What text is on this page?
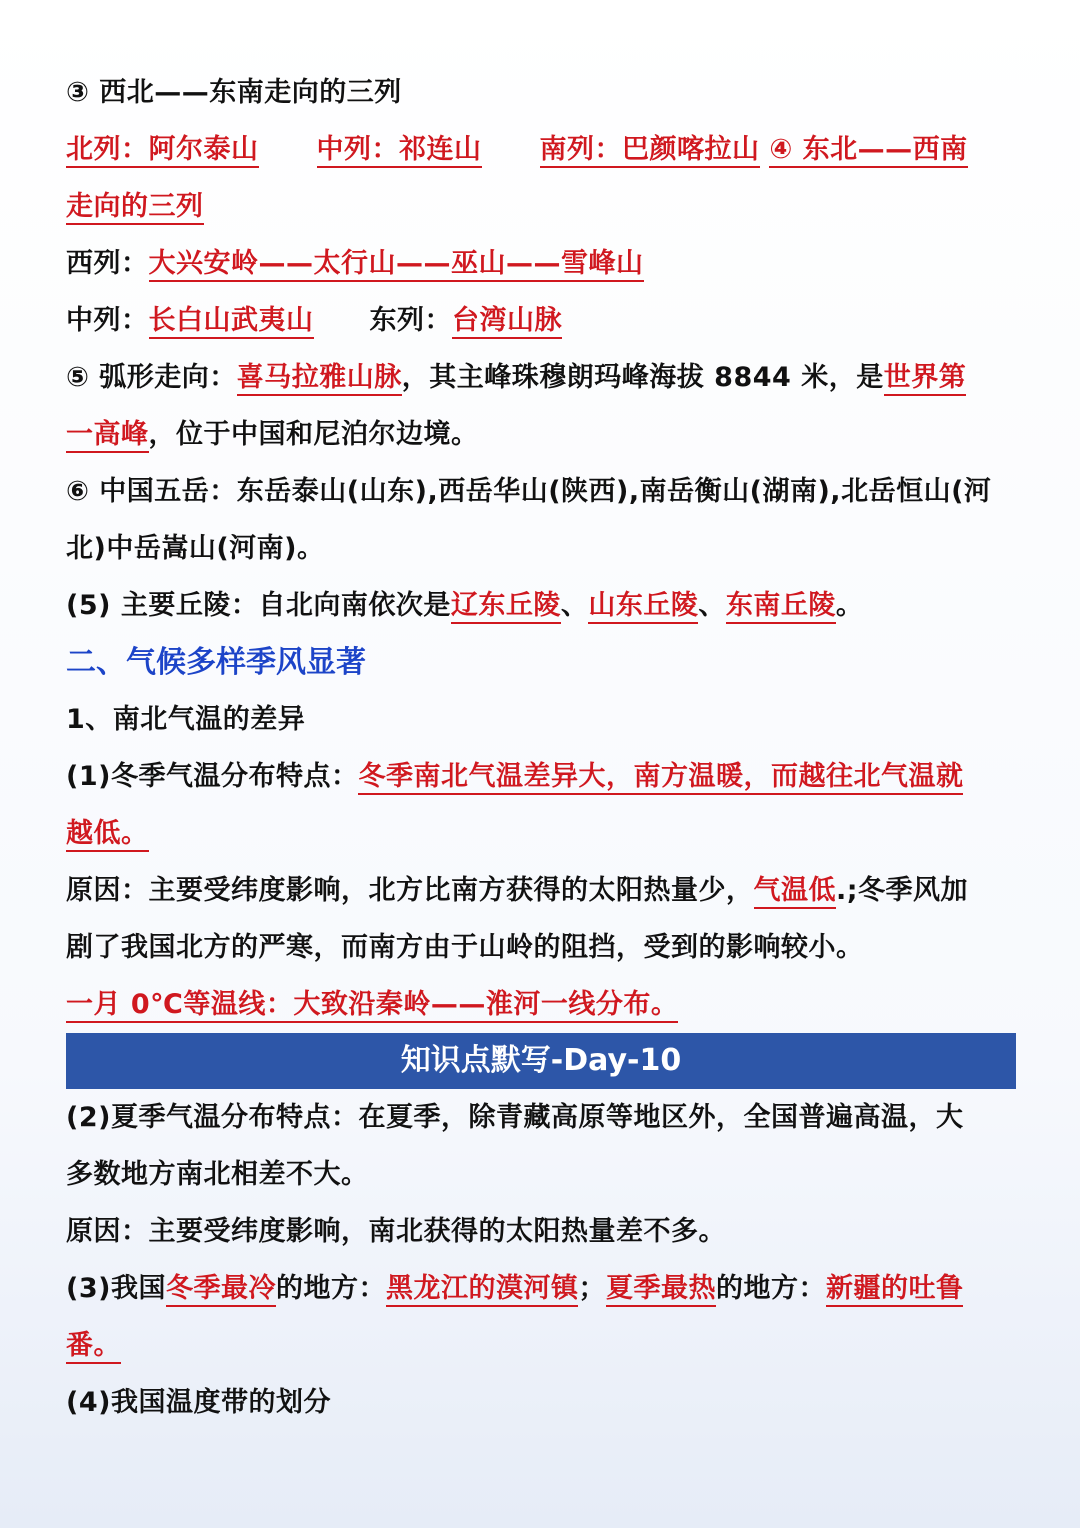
③ 西北——东南走向的三列
北列：阿尔泰山 中列：祁连山 南列：巴颜喀拉山 ④ 东北——西南
走向的三列
西列：大兴安岭——太行山——巫山——雪峰山
中列：长白山武夷山 东列：台湾山脉
⑤ 弧形走向：喜马拉雅山脉，其主峰珠穆朗玛峰海拔 8844 米，是世界第
一高峰，位于中国和尼泊尔边境。
⑥ 中国五岳：东岳泰山(山东),西岳华山(陕西),南岳衡山(湖南),北岳恒山(河
北)中岳嵩山(河南)。
(5) 主要丘陵：自北向南依次是辽东丘陵、山东丘陵、东南丘陵。
二、气候多样季风显著
1、南北气温的差异
(1)冬季气温分布特点：冬季南北气温差异大，南方温暖，而越往北气温就
越低。
原因：主要受纬度影响，北方比南方获得的太阳热量少，气温低.;冬季风加
剧了我国北方的严寒，而南方由于山岭的阻挡，受到的影响较小。
一月 0℃等温线：大致沿秦岭——淮河一线分布。
知识点默写-Day-10
(2)夏季气温分布特点：在夏季，除青藏高原等地区外，全国普遍高温，大
多数地方南北相差不大。
原因：主要受纬度影响，南北获得的太阳热量差不多。
(3)我国冬季最冷的地方：黑龙江的漠河镇；夏季最热的地方：新疆的吐鲁
番。
(4)我国温度带的划分
